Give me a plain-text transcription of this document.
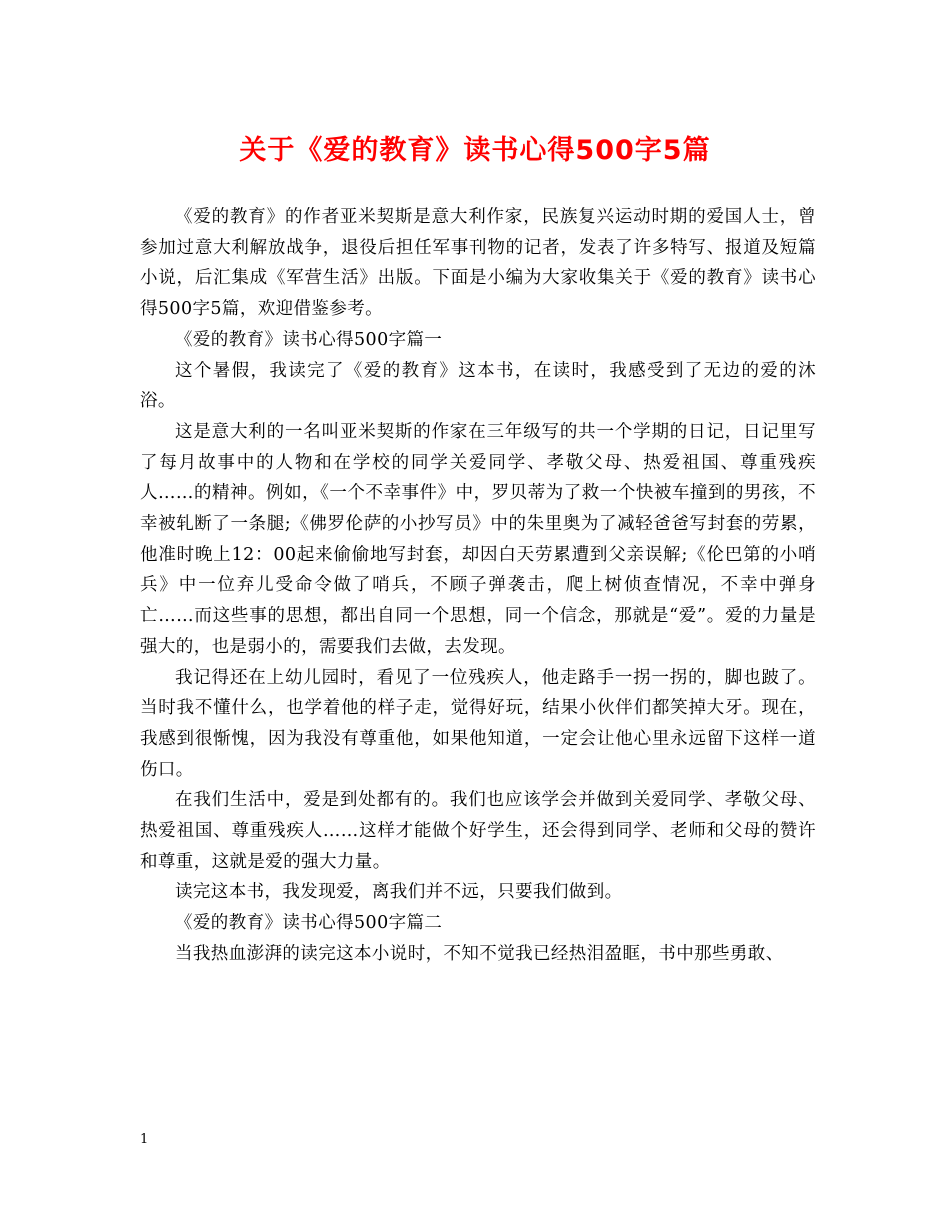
关于《爱的教育》读书心得500字5篇

《爱的教育》的作者亚米契斯是意大利作家，民族复兴运动时期的爱国人士，曾参加过意大利解放战争，退役后担任军事刊物的记者，发表了许多特写、报道及短篇小说，后汇集成《军营生活》出版。下面是小编为大家收集关于《爱的教育》读书心得500字5篇，欢迎借鉴参考。

《爱的教育》读书心得500字篇一

这个暑假，我读完了《爱的教育》这本书，在读时，我感受到了无边的爱的沐浴。

这是意大利的一名叫亚米契斯的作家在三年级写的共一个学期的日记，日记里写了每月故事中的人物和在学校的同学关爱同学、孝敬父母、热爱祖国、尊重残疾人……的精神。例如，《一个不幸事件》中，罗贝蒂为了救一个快被车撞到的男孩，不幸被轧断了一条腿;《佛罗伦萨的小抄写员》中的朱里奥为了减轻爸爸写封套的劳累，他准时晚上12：00起来偷偷地写封套，却因白天劳累遭到父亲误解;《伦巴第的小哨兵》中一位弃儿受命令做了哨兵，不顾子弹袭击，爬上树侦查情况，不幸中弹身亡……而这些事的思想，都出自同一个思想，同一个信念，那就是“爱”。爱的力量是强大的，也是弱小的，需要我们去做，去发现。

我记得还在上幼儿园时，看见了一位残疾人，他走路手一拐一拐的，脚也跛了。当时我不懂什么，也学着他的样子走，觉得好玩，结果小伙伴们都笑掉大牙。现在，我感到很惭愧，因为我没有尊重他，如果他知道，一定会让他心里永远留下这样一道伤口。

在我们生活中，爱是到处都有的。我们也应该学会并做到关爱同学、孝敬父母、热爱祖国、尊重残疾人……这样才能做个好学生，还会得到同学、老师和父母的赞许和尊重，这就是爱的强大力量。

读完这本书，我发现爱，离我们并不远，只要我们做到。

《爱的教育》读书心得500字篇二

当我热血澎湃的读完这本小说时，不知不觉我已经热泪盈眶，书中那些勇敢、

1
